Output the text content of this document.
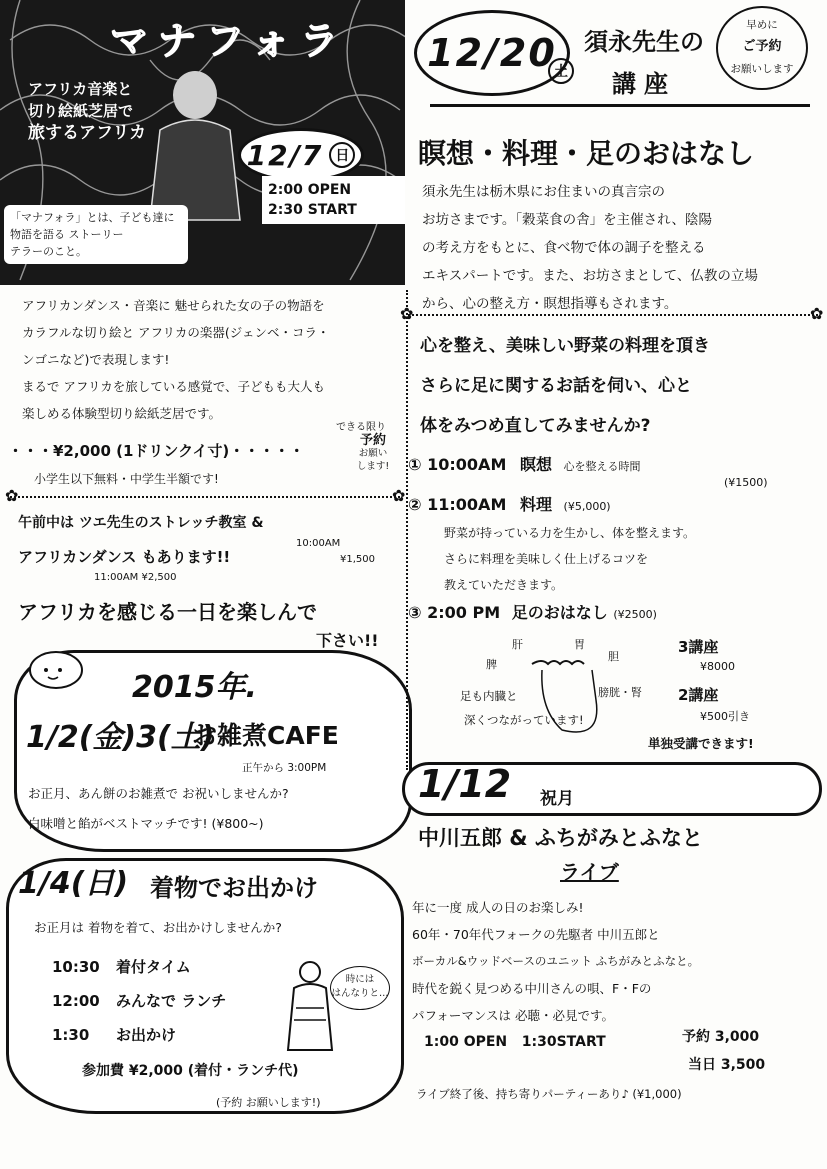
マナフォラ
アフリカ音楽と
切り絵紙芝居で
旅するアフリカ
12/7 日
2:00 OPEN
2:30 START
「マナフォラ」とは、子ども達に
物語を語る ストーリー
テラーのこと。
アフリカンダンス・音楽に 魅せられた女の子の物語を
カラフルな切り絵と アフリカの楽器(ジェンベ・コラ・
ンゴニなど)で表現します!
まるで アフリカを旅している感覚で、子どもも大人も
楽しめる体験型切り絵紙芝居です。
できる限り
・・・¥2,000 (1ドリンクイ寸)・・・・・
予約
お願い
します!
小学生以下無料・中学生半額です!
✿	✿
午前中は ツエ先生のストレッチ教室 &
10:00AM
¥1,500
アフリカンダンス もあります!!
11:00AM ¥2,500
アフリカを感じる一日を楽しんで
下さい!!
2015年.
1/2(金)3(土)
お雑煮CAFE
正午から 3:00PM
お正月、あん餅のお雑煮で お祝いしませんか?
白味噌と餡がベストマッチです! (¥800~)
1/4(日) 着物でお出かけ
お正月は 着物を着て、お出かけしませんか?
10:30 着付タイム
12:00 みんなで ランチ
1:30 お出かけ
参加費 ¥2,000 (着付・ランチ代)
(予約 お願いします!)
時には
はんなりと…
12/20
土
須永先生の
講座
早めに
ご予約
お願いします
瞑想・料理・足のおはなし
須永先生は栃木県にお住まいの真言宗の
お坊さまです。「穀菜食の舎」を主催され、陰陽
の考え方をもとに、食べ物で体の調子を整える
エキスパートです。また、お坊さまとして、仏教の立場
から、心の整え方・瞑想指導もされます。
心を整え、美味しい野菜の料理を頂き
さらに足に関するお話を伺い、心と
体をみつめ直してみませんか?
① 10:00AM 瞑想 心を整える時間
(¥1500)
② 11:00AM 料理 (¥5,000)
野菜が持っている力を生かし、体を整えます。
さらに料理を美味しく仕上げるコツを
教えていただきます。
✿	✿
③ 2:00 PM 足のおはなし (¥2500)
肝	胃
脾
胆
膀胱・腎
足も内臓と
深くつながっています!
3講座
¥8000
2講座
¥500引き
単独受講できます!
1/12 祝月
中川五郎 & ふちがみとふなと
ライブ
年に一度 成人の日のお楽しみ!
60年・70年代フォークの先駆者 中川五郎と
ボーカル&ウッドベースのユニット ふちがみとふなと。
時代を鋭く見つめる中川さんの唄、F・Fの
パフォーマンスは 必聴・必見です。
1:00 OPEN   1:30START	予約 3,000
当日 3,500
ライブ終了後、持ち寄りパーティーあり♪ (¥1,000)
